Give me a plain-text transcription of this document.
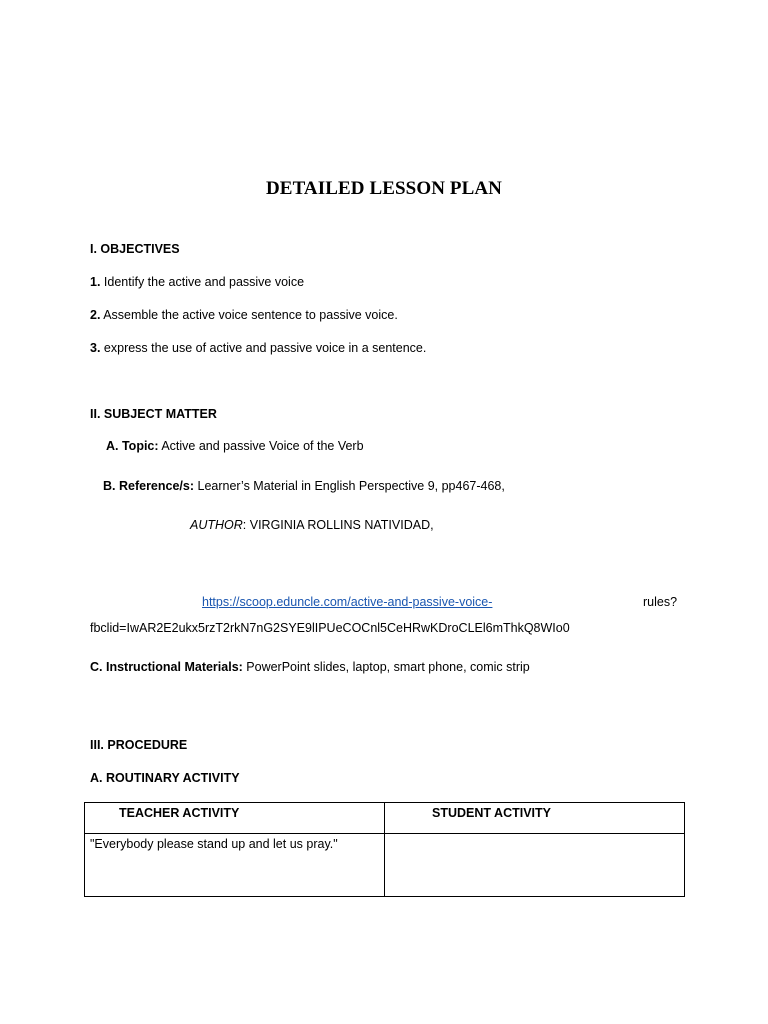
DETAILED LESSON PLAN
I. OBJECTIVES
1. Identify the active and passive voice
2. Assemble the active voice sentence to passive voice.
3. express the use of active and passive voice in a sentence.
II. SUBJECT MATTER
A. Topic: Active and passive Voice of the Verb
B. Reference/s: Learner’s Material in English Perspective 9, pp467-468,
AUTHOR: VIRGINIA ROLLINS NATIVIDAD,
https://scoop.eduncle.com/active-and-passive-voice-	rules?
fbclid=IwAR2E2ukx5rzT2rkN7nG2SYE9lIPUeCOCnl5CeHRwKDroCLEl6mThkQ8WIo0
C. Instructional Materials: PowerPoint slides, laptop, smart phone, comic strip
III. PROCEDURE
A. ROUTINARY ACTIVITY
TEACHER ACTIVITY	STUDENT ACTIVITY
"Everybody please stand up and let us pray."	
